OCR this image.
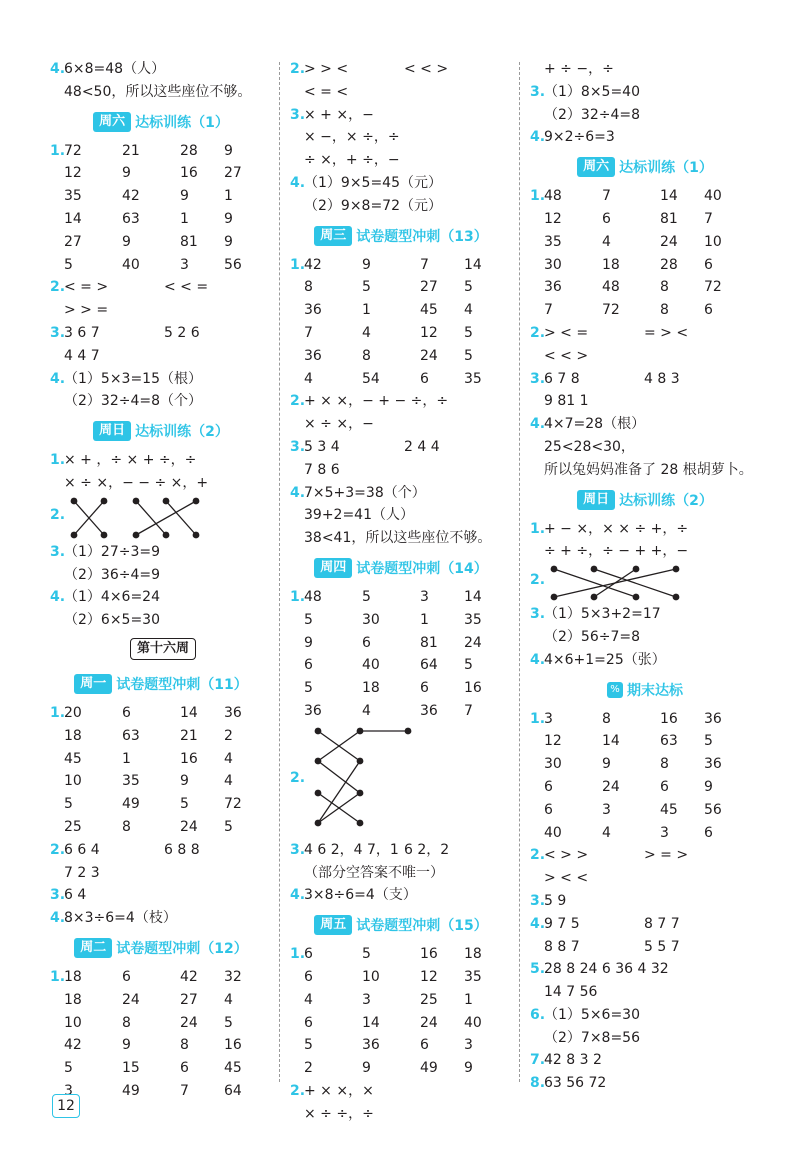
4.
6×8=48（人）
48<50，所以这些座位不够。
周六 达标训练（1）
1.
72	21	28 9
12	9	16 27
35	42	9	1
14	63	1	9
27	9	81 9
5	40	3	56
2.
< = >	< < =
> > =
3.
3 6 7	5 2 6
4 4 7
4.
（1）5×3=15（根）
（2）32÷4=8（个）
周日 达标训练（2）
1.
× + ，÷ × + ÷，÷
× ÷ ×，− − ÷ ×，+
2.
3.
（1）27÷3=9
（2）36÷4=9
4.
（1）4×6=24
（2）6×5=30
第十六周
周一 试卷题型冲刺（11）
1.
20	6	14 36
18	63	21 2
45	1	16 4
10	35	9	4
5	49	5	72
25	8	24 5
2.
6 6 4	6 8 8
7 2 3
3.
6 4
4.
8×3÷6=4（枝）
周二 试卷题型冲刺（12）
1.
18	6	42 32
18	24	27 4
10	8	24 5
42	9	8	16
5	15	6	45
3	49	7	64
2.
> > <	< < >
< = <
3.
× + ×，−
× −，× ÷，÷
÷ ×，+ ÷，−
4.
（1）9×5=45（元）
（2）9×8=72（元）
周三 试卷题型冲刺（13）
1.
42	9	7	14
8	5	27 5
36	1	45 4
7	4	12 5
36	8	24 5
4	54	6	35
2.
+ × ×，− + − ÷，÷
× ÷ ×，−
3.
5 3 4	2 4 4
7 8 6
4.
7×5+3=38（个）
39+2=41（人）
38<41，所以这些座位不够。
周四 试卷题型冲刺（14）
1.
48	5	3	14
5	30	1	35
9	6	81 24
6	40	64 5
5	18	6	16
36	4	36 7
2.
3.
4 6 2，4 7，1 6 2，2
（部分空答案不唯一）
4.
3×8÷6=4（支）
周五 试卷题型冲刺（15）
1.
6	5	16 18
6	10	12 35
4	3	25 1
6	14	24 40
5	36	6	3
2	9	49 9
2.
+ × ×，×
× ÷ ÷，÷
+ ÷ −，÷
3.
（1）8×5=40
（2）32÷4=8
4.
9×2÷6=3
周六 达标训练（1）
1.
48	7	14 40
12	6	81 7
35	4	24 10
30	18	28 6
36	48	8	72
7	72	8	6
2.
> < =	= > <
< < >
3.
6 7 8	4 8 3
9 81 1
4.
4×7=28（根）
25<28<30，
所以兔妈妈准备了 28 根胡萝卜。
周日 达标训练（2）
1.
+ − ×，× × ÷ +，÷
÷ + ÷，÷ − + +，−
2.
3.
（1）5×3+2=17
（2）56÷7=8
4.
4×6+1=25（张）
% 期末达标
1.
3	8	16 36
12	14	63 5
30	9	8	36
6	24	6	9
6	3	45 56
40	4	3	6
2.
< > >	> = >
> < <
3.
5 9
4.
9 7 5	8 7 7
8 8 7	5 5 7
5.
28 8 24 6 36 4 32
14 7 56
6.
（1）5×6=30
（2）7×8=56
7.
42 8 3 2
8.
63 56 72
12
